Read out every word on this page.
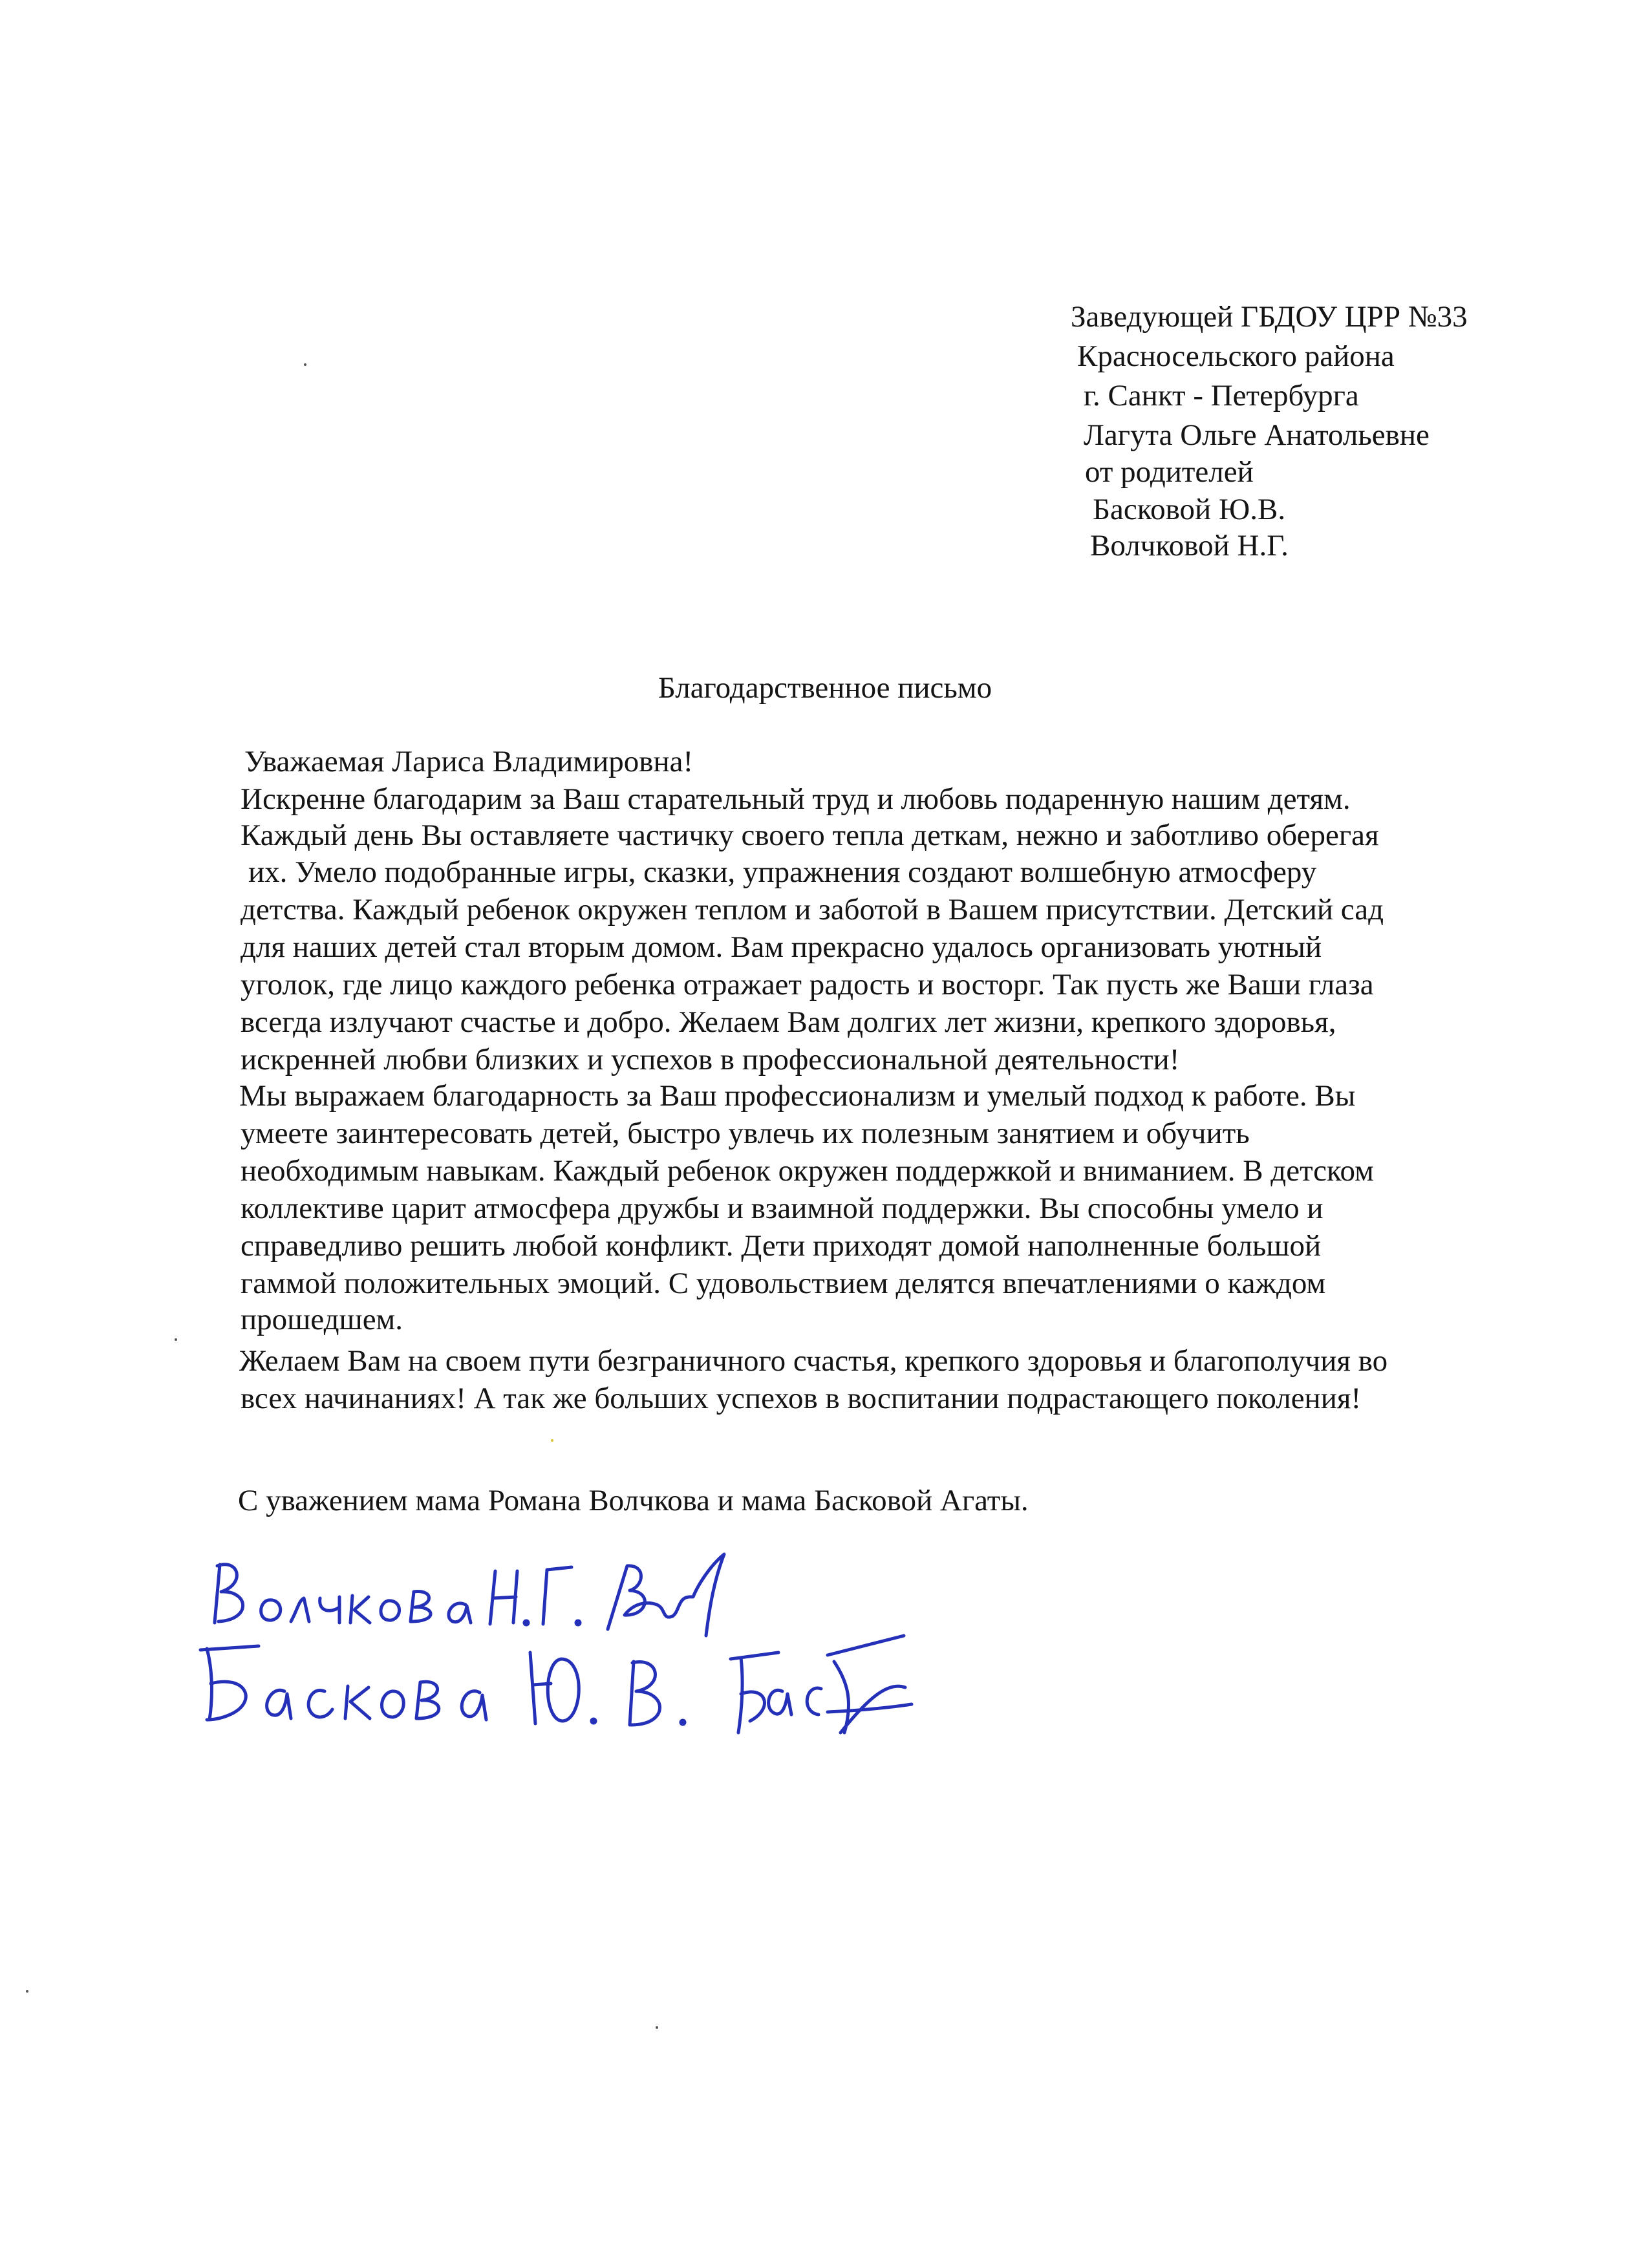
Заведующей ГБДОУ ЦРР №33
Красносельского района
г. Санкт - Петербурга
Лагута Ольге Анатольевне
от родителей
Басковой Ю.В.
Волчковой Н.Г.
Благодарственное письмо
Уважаемая Лариса Владимировна!
Искренне благодарим за Ваш старательный труд и любовь подаренную нашим детям.
Каждый день Вы оставляете частичку своего тепла деткам, нежно и заботливо оберегая
их. Умело подобранные игры, сказки, упражнения создают волшебную атмосферу
детства. Каждый ребенок окружен теплом и заботой в Вашем присутствии. Детский сад
для наших детей стал вторым домом. Вам прекрасно удалось организовать уютный
уголок, где лицо каждого ребенка отражает радость и восторг. Так пусть же Ваши глаза
всегда излучают счастье и добро. Желаем Вам долгих лет жизни, крепкого здоровья,
искренней любви близких и успехов в профессиональной деятельности!
Мы выражаем благодарность за Ваш профессионализм и умелый подход к работе. Вы
умеете заинтересовать детей, быстро увлечь их полезным занятием и обучить
необходимым навыкам. Каждый ребенок окружен поддержкой и вниманием. В детском
коллективе царит атмосфера дружбы и взаимной поддержки. Вы способны умело и
справедливо решить любой конфликт. Дети приходят домой наполненные большой
гаммой положительных эмоций. С удовольствием делятся впечатлениями о каждом
прошедшем.
Желаем Вам на своем пути безграничного счастья, крепкого здоровья и благополучия во
всех начинаниях! А так же больших успехов в воспитании подрастающего поколения!
С уважением мама Романа Волчкова и мама Басковой Агаты.
